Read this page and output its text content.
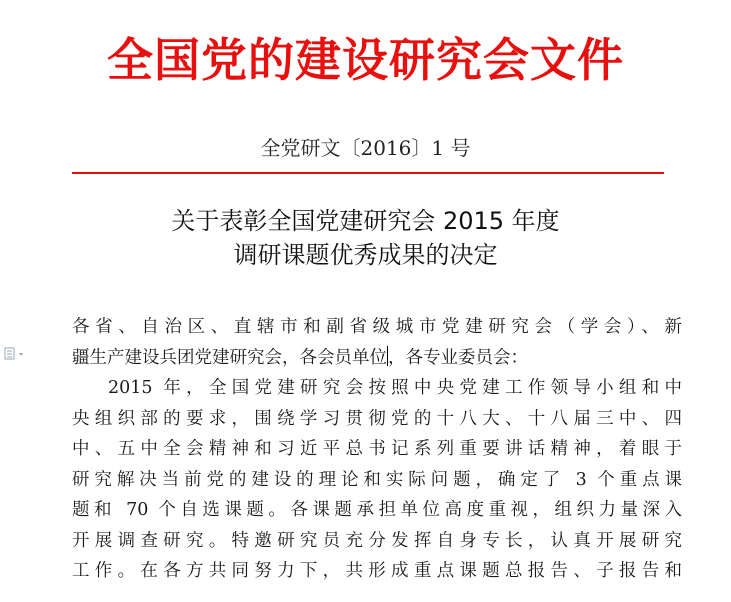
全国党的建设研究会文件
全党研文〔2016〕1 号
关于表彰全国党建研究会 2015 年度
调研课题优秀成果的决定
各省、自治区、直辖市和副省级城市党建研究会（学会）、新
疆生产建设兵团党建研究会，各会员单位，各专业委员会：
2015 年，全国党建研究会按照中央党建工作领导小组和中
央组织部的要求，围绕学习贯彻党的十八大、十八届三中、四
中、五中全会精神和习近平总书记系列重要讲话精神，着眼于
研究解决当前党的建设的理论和实际问题，确定了 3 个重点课
题和 70 个自选课题。各课题承担单位高度重视，组织力量深入
开展调查研究。特邀研究员充分发挥自身专长，认真开展研究
工作。在各方共同努力下，共形成重点课题总报告、子报告和
